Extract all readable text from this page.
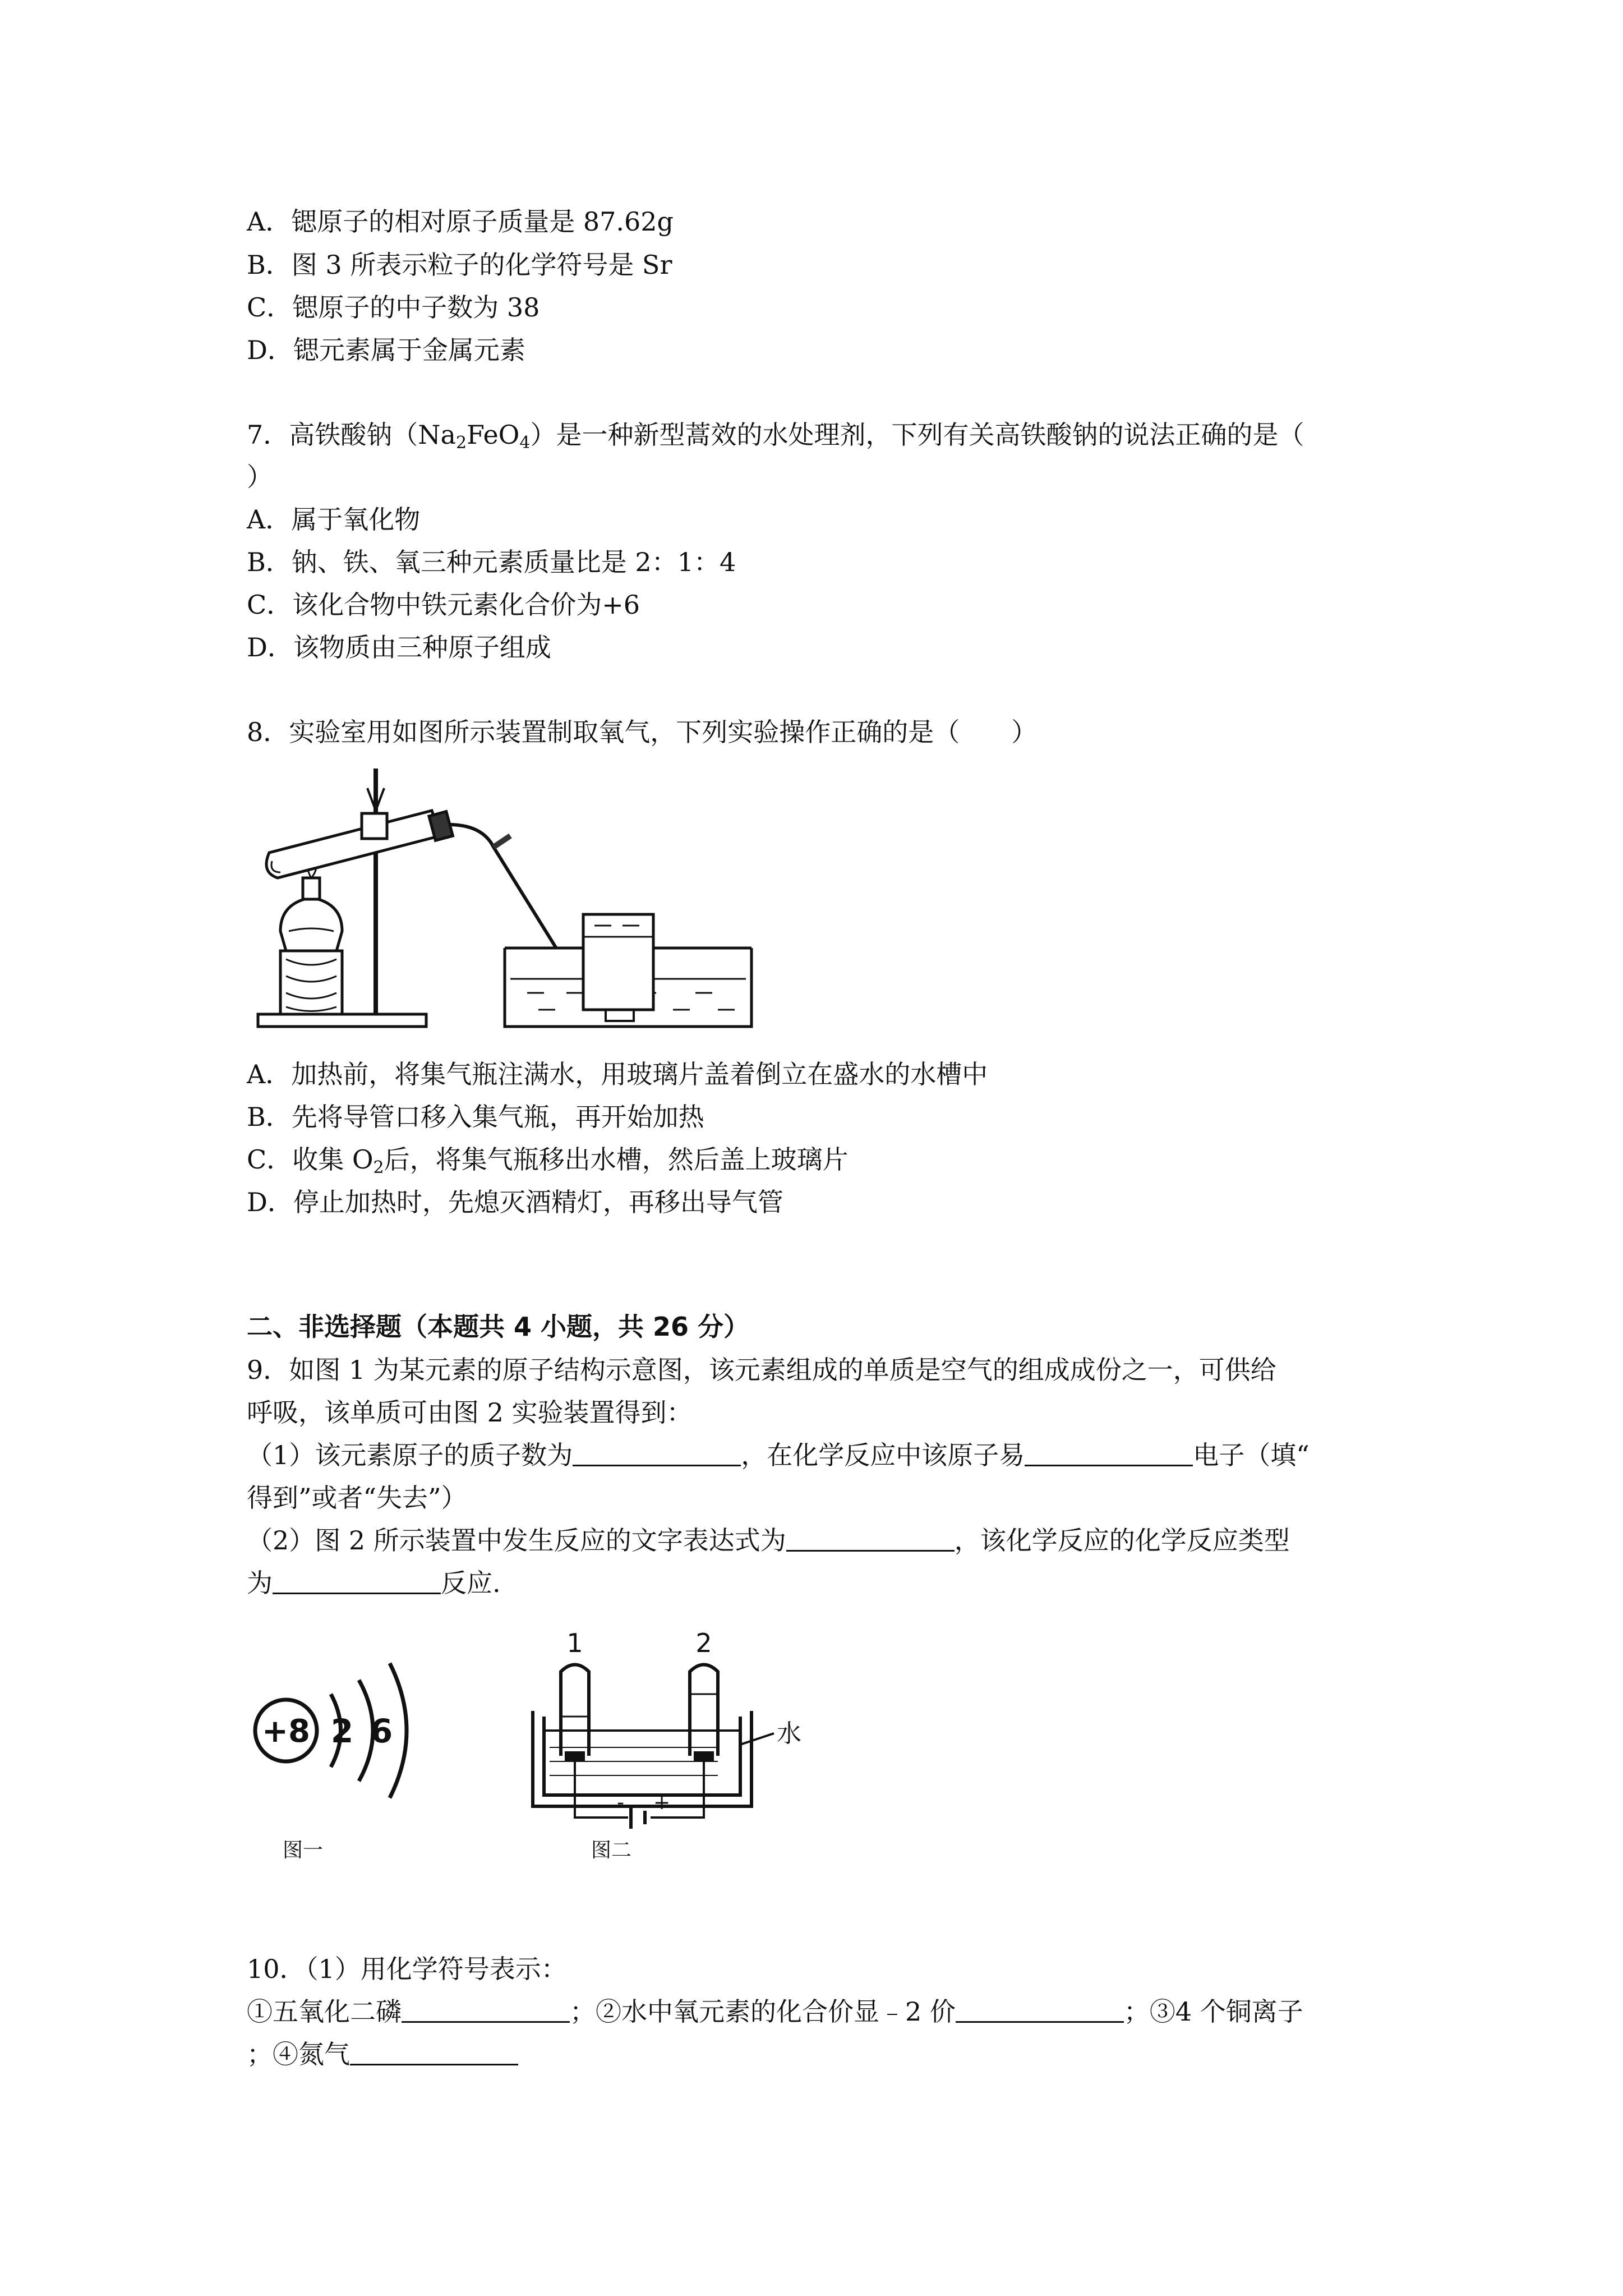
A．锶原子的相对原子质量是 87.62g
B．图 3 所表示粒子的化学符号是 Sr
C．锶原子的中子数为 38
D．锶元素属于金属元素
7．高铁酸钠$(Na_2FeO_4)$是一种新型蒿效的水处理剂，下列有关高铁酸钠的说法正确的是（
）
A．属于氧化物
B．钠、铁、氧三种元素质量比是 2：1：4
C．该化合物中铁元素化合价为+6
D．该物质由三种原子组成
8．实验室用如图所示装置制取氧气，下列实验操作正确的是（　　）
A．加热前，将集气瓶注满水，用玻璃片盖着倒立在盛水的水槽中
B．先将导管口移入集气瓶，再开始加热
C．收集 $O_2$后，将集气瓶移出水槽，然后盖上玻璃片
D．停止加热时，先熄灭酒精灯，再移出导气管
二、非选择题（本题共 4 小题，共 26 分）
9．如图 1 为某元素的原子结构示意图，该元素组成的单质是空气的组成成份之一，可供给
呼吸，该单质可由图 2 实验装置得到：
（1）该元素原子的质子数为	，在化学反应中该原子易	电子（填“
得到”或者“失去”）
（2）图 2 所示装置中发生反应的文字表达式为	，该化学反应的化学反应类型
为	反应.
+8 2 6
图一
1	2
水
- +
图二
10．（1）用化学符号表示：
①五氧化二磷	；②水中氧元素的化合价显﹣2 价	；③4 个铜离子
；④氮气
